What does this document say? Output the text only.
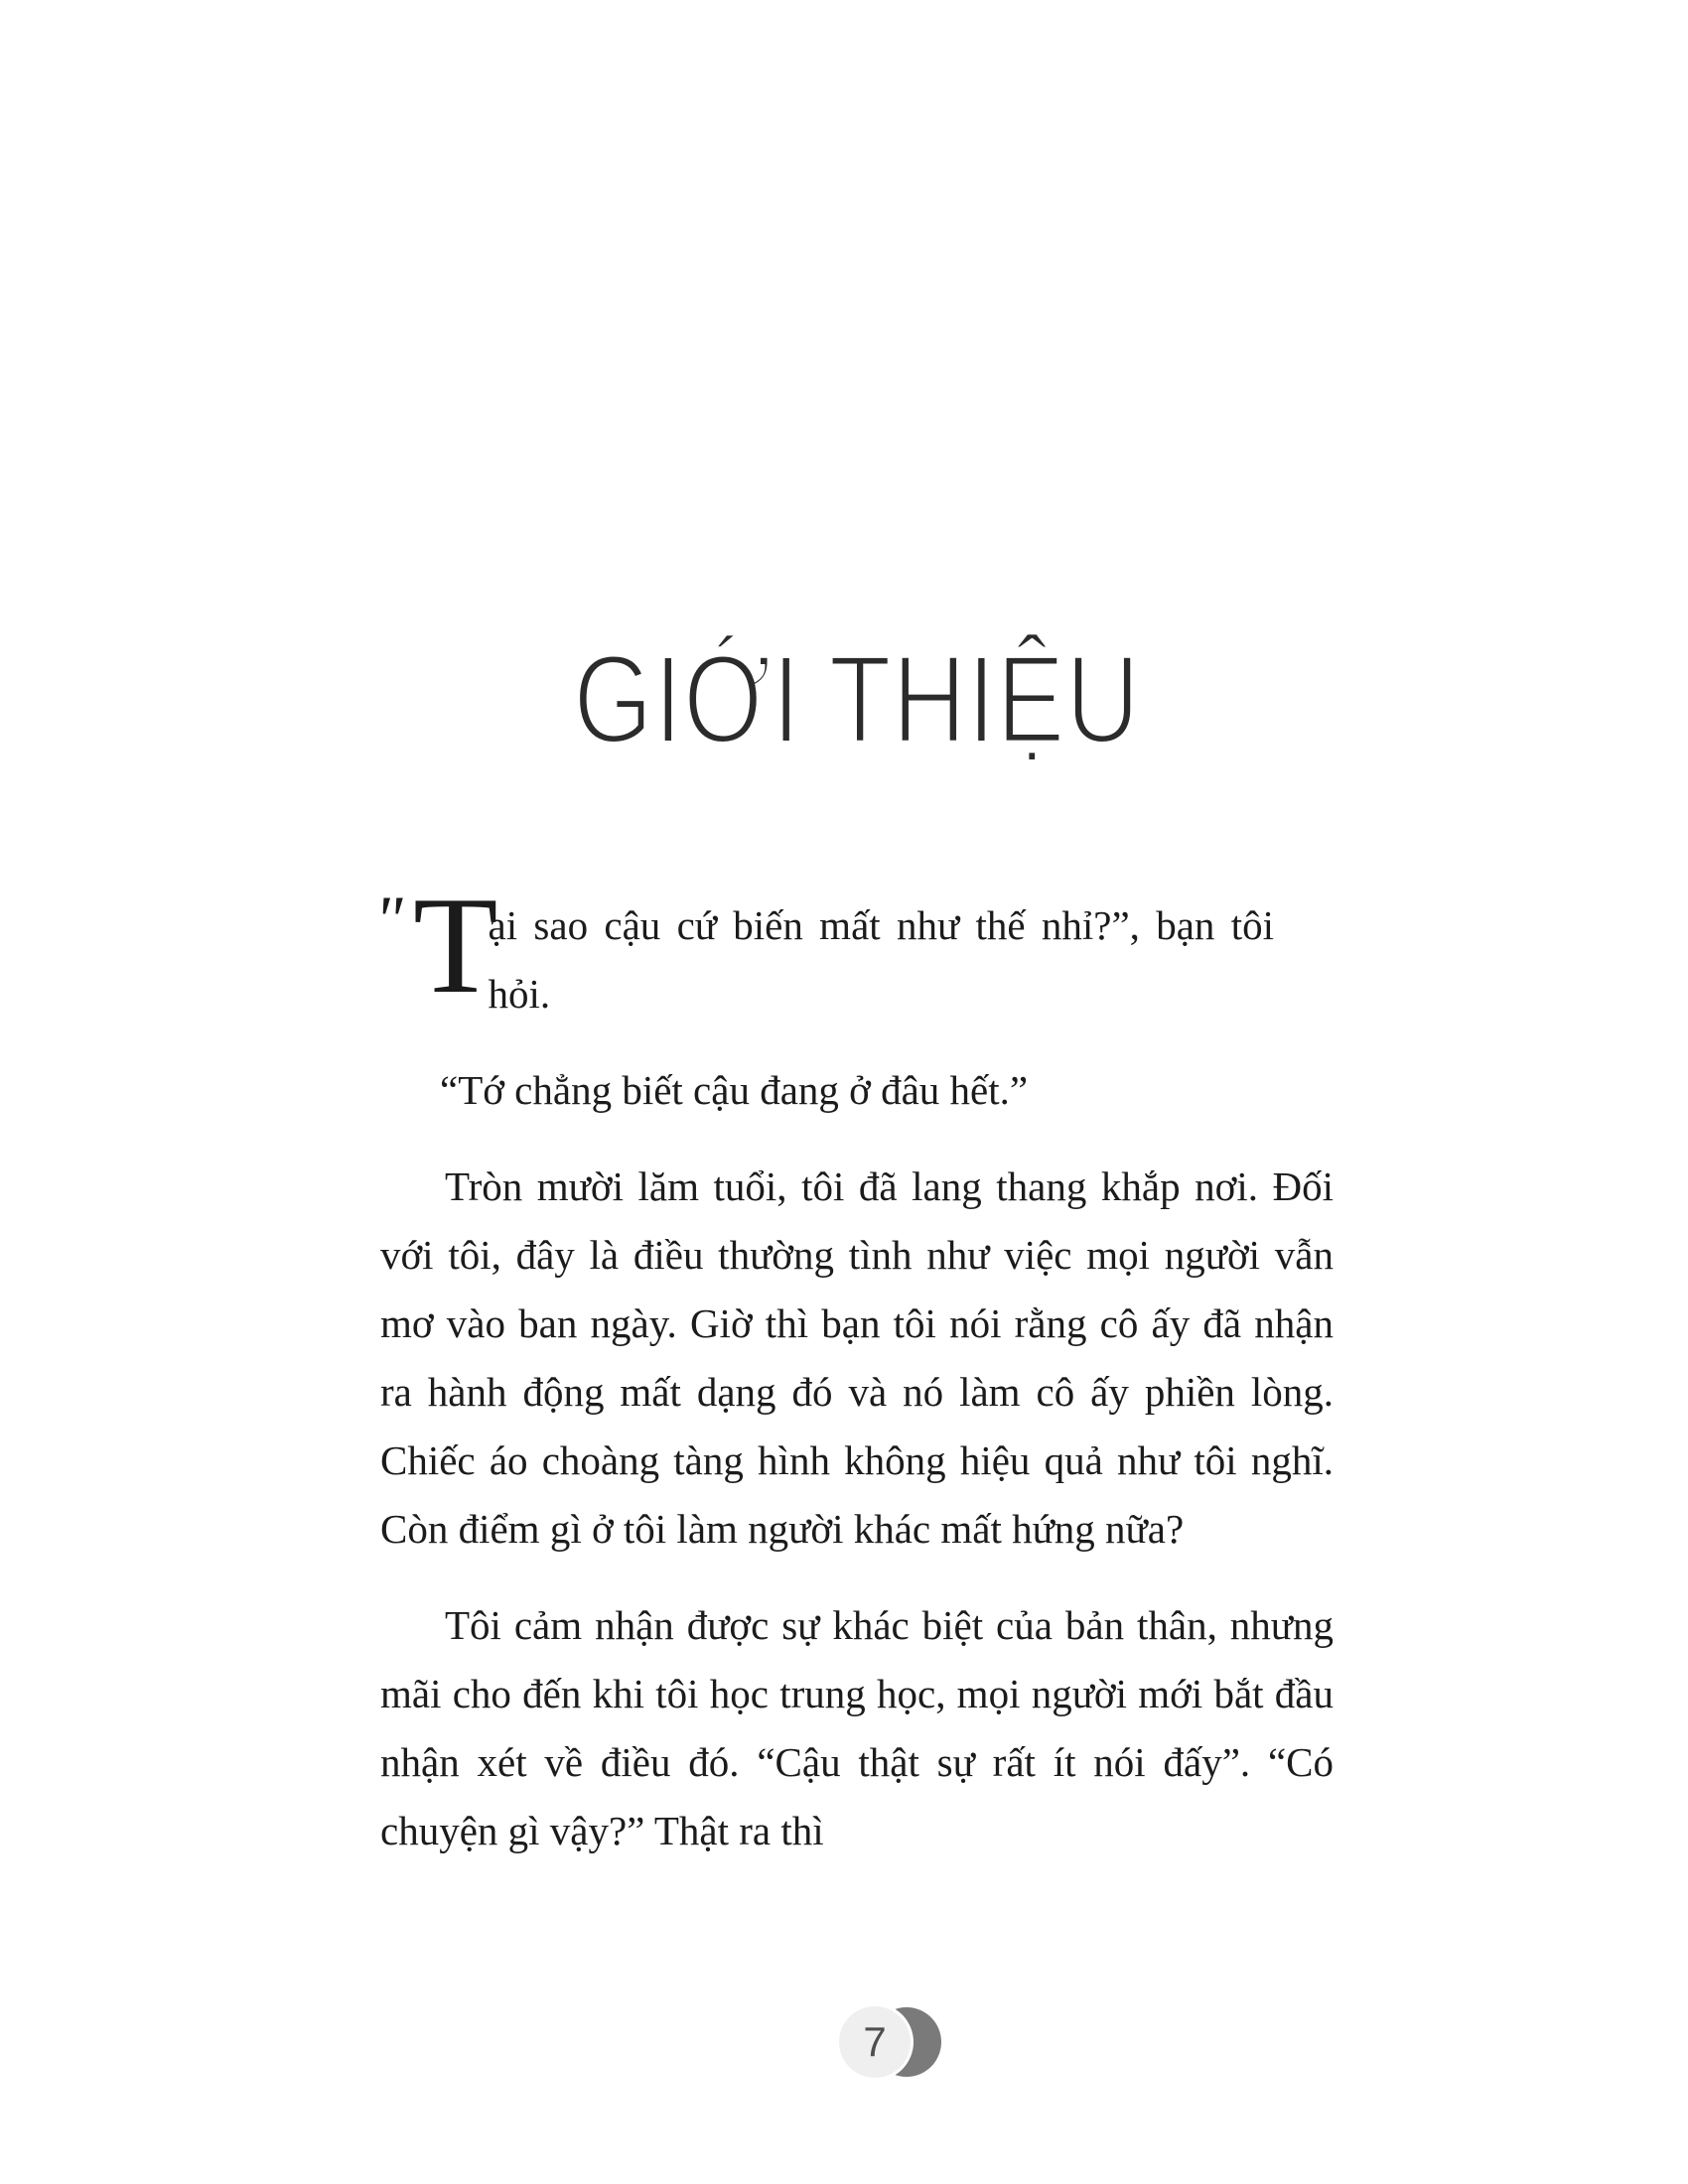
GIỚI THIỆU

" T
ại sao cậu cứ biến mất như thế nhỉ?”, bạn tôi hỏi.

“Tớ chẳng biết cậu đang ở đâu hết.”

Tròn mười lăm tuổi, tôi đã lang thang khắp nơi. Đối với tôi, đây là điều thường tình như việc mọi người vẫn mơ vào ban ngày. Giờ thì bạn tôi nói rằng cô ấy đã nhận ra hành động mất dạng đó và nó làm cô ấy phiền lòng. Chiếc áo choàng tàng hình không hiệu quả như tôi nghĩ. Còn điểm gì ở tôi làm người khác mất hứng nữa?

Tôi cảm nhận được sự khác biệt của bản thân, nhưng mãi cho đến khi tôi học trung học, mọi người mới bắt đầu nhận xét về điều đó. “Cậu thật sự rất ít nói đấy”. “Có chuyện gì vậy?” Thật ra thì

7
